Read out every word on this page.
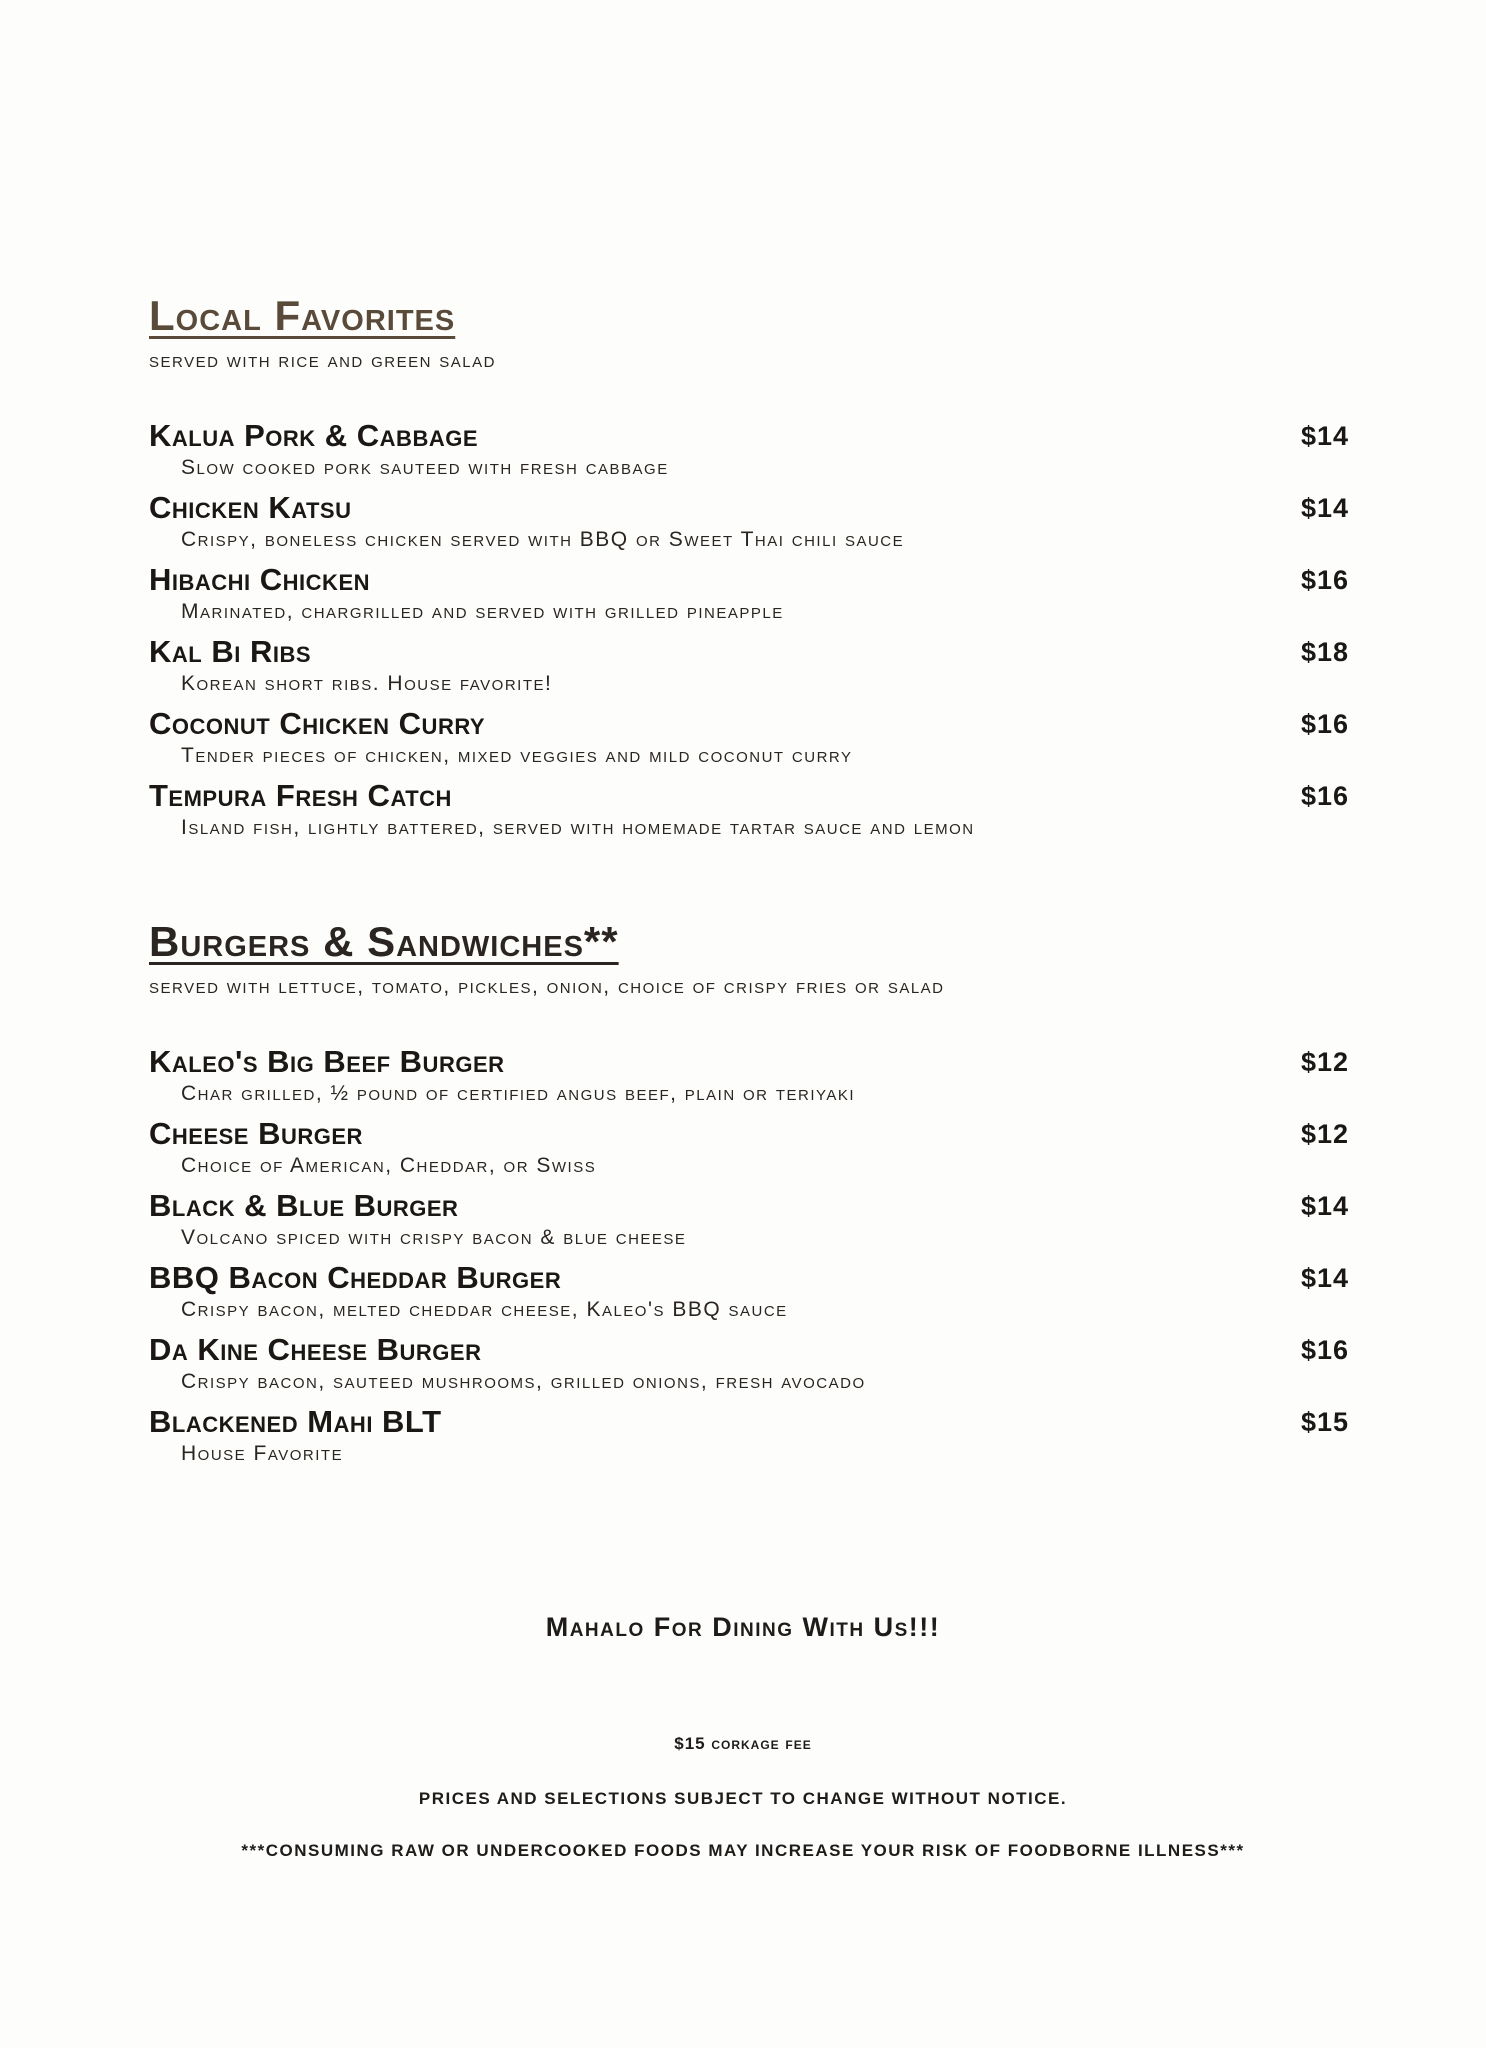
Local Favorites

served with rice and green salad

Kalua Pork & Cabbage	$14
Slow cooked pork sauteed with fresh cabbage
Chicken Katsu	$14
Crispy, boneless chicken served with BBQ or Sweet Thai chili sauce
Hibachi Chicken	$16
Marinated, chargrilled and served with grilled pineapple
Kal Bi Ribs	$18
Korean short ribs. House favorite!
Coconut Chicken Curry	$16
Tender pieces of chicken, mixed veggies and mild coconut curry
Tempura Fresh Catch	$16
Island fish, lightly battered, served with homemade tartar sauce and lemon
Burgers & Sandwiches**

served with lettuce, tomato, pickles, onion, choice of crispy fries or salad

Kaleo's Big Beef Burger	$12
Char grilled, ½ pound of certified angus beef, plain or teriyaki
Cheese Burger	$12
Choice of American, Cheddar, or Swiss
Black & Blue Burger	$14
Volcano spiced with crispy bacon & blue cheese
BBQ Bacon Cheddar Burger	$14
Crispy bacon, melted cheddar cheese, Kaleo's BBQ sauce
Da Kine Cheese Burger	$16
Crispy bacon, sauteed mushrooms, grilled onions, fresh avocado
Blackened Mahi BLT	$15
House Favorite
Mahalo For Dining With Us!!!
$15 corkage fee
PRICES AND SELECTIONS SUBJECT TO CHANGE WITHOUT NOTICE.
***CONSUMING RAW OR UNDERCOOKED FOODS MAY INCREASE YOUR RISK OF FOODBORNE ILLNESS***
